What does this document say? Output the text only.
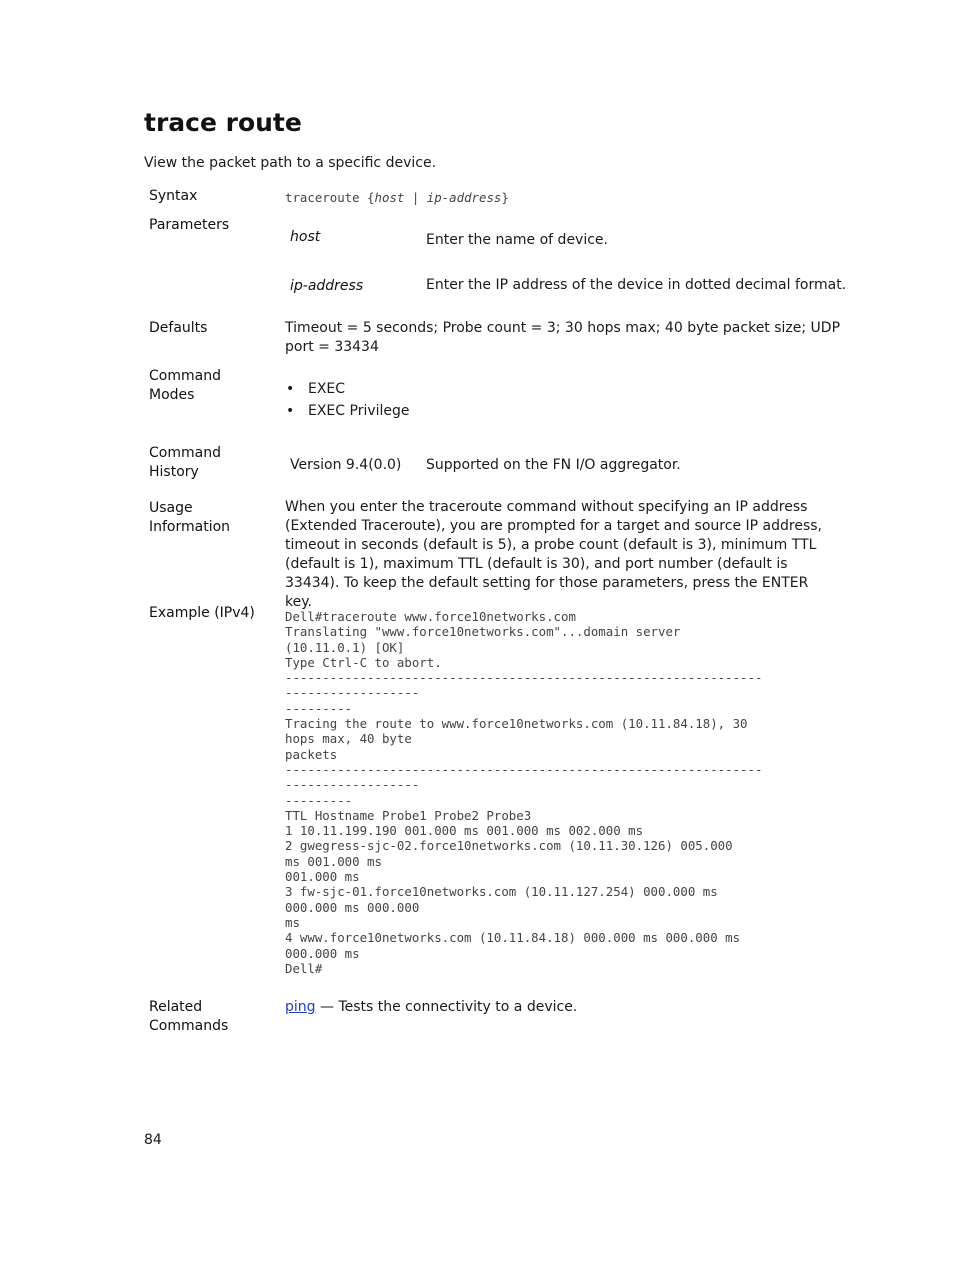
trace route
View the packet path to a specific device.
Syntax	traceroute {host | ip-address}
Parameters
host	Enter the name of device.
ip-address	Enter the IP address of the device in dotted decimal format.
Defaults	Timeout = 5 seconds; Probe count = 3; 30 hops max; 40 byte packet size; UDP
port = 33434
Command
Modes
•	EXEC
• EXEC Privilege
Command
History	Version 9.4(0.0) Supported on the FN I/O aggregator.
Usage
Information
When you enter the traceroute command without specifying an IP address (Extended Traceroute), you are prompted for a target and source IP address, timeout in seconds (default is 5), a probe count (default is 3), minimum TTL (default is 1), maximum TTL (default is 30), and port number (default is 33434). To keep the default setting for those parameters, press the ENTER key.
Example (IPv4) Dell#traceroute www.force10networks.com
Translating "www.force10networks.com"...domain server
(10.11.0.1) [OK]
Type Ctrl-C to abort.
----------------------------------------------------------------
------------------
---------
Tracing the route to www.force10networks.com (10.11.84.18), 30
hops max, 40 byte
packets
----------------------------------------------------------------
------------------
---------
TTL Hostname Probe1 Probe2 Probe3
1 10.11.199.190 001.000 ms 001.000 ms 002.000 ms
2 gwegress-sjc-02.force10networks.com (10.11.30.126) 005.000
ms 001.000 ms
001.000 ms
3 fw-sjc-01.force10networks.com (10.11.127.254) 000.000 ms
000.000 ms 000.000
ms
4 www.force10networks.com (10.11.84.18) 000.000 ms 000.000 ms
000.000 ms
Dell#
Related
Commands
ping — Tests the connectivity to a device.
84
